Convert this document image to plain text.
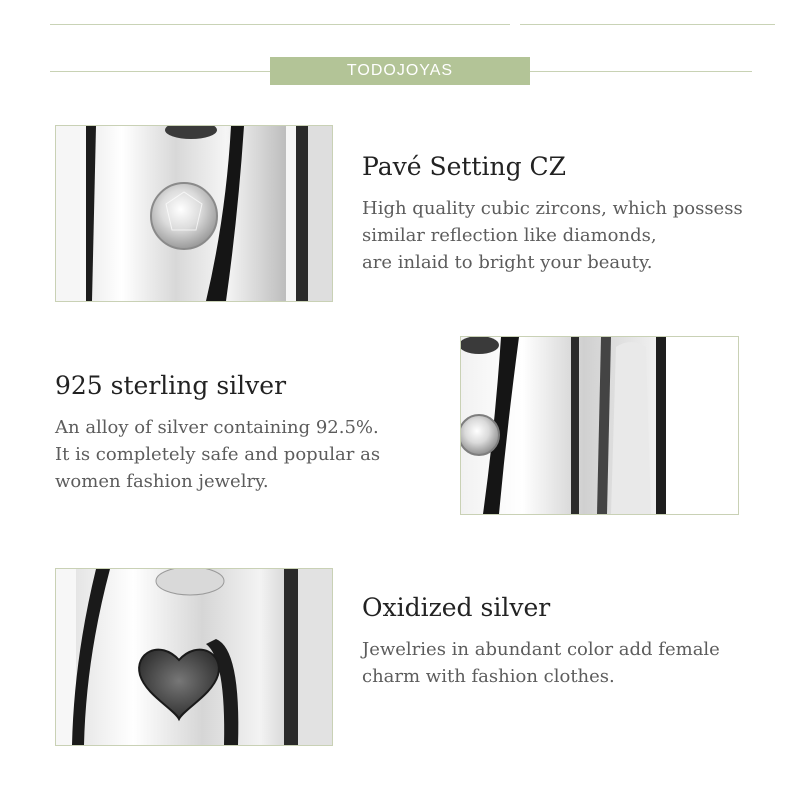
TODOJOYAS
Pavé Setting CZ
High quality cubic zircons, which possess
similar reflection like diamonds,
are inlaid to bright your beauty.
925 sterling silver
An alloy of silver containing 92.5%.
It is completely safe and popular as
women fashion jewelry.
Oxidized silver
Jewelries in abundant color add female
charm with fashion clothes.
